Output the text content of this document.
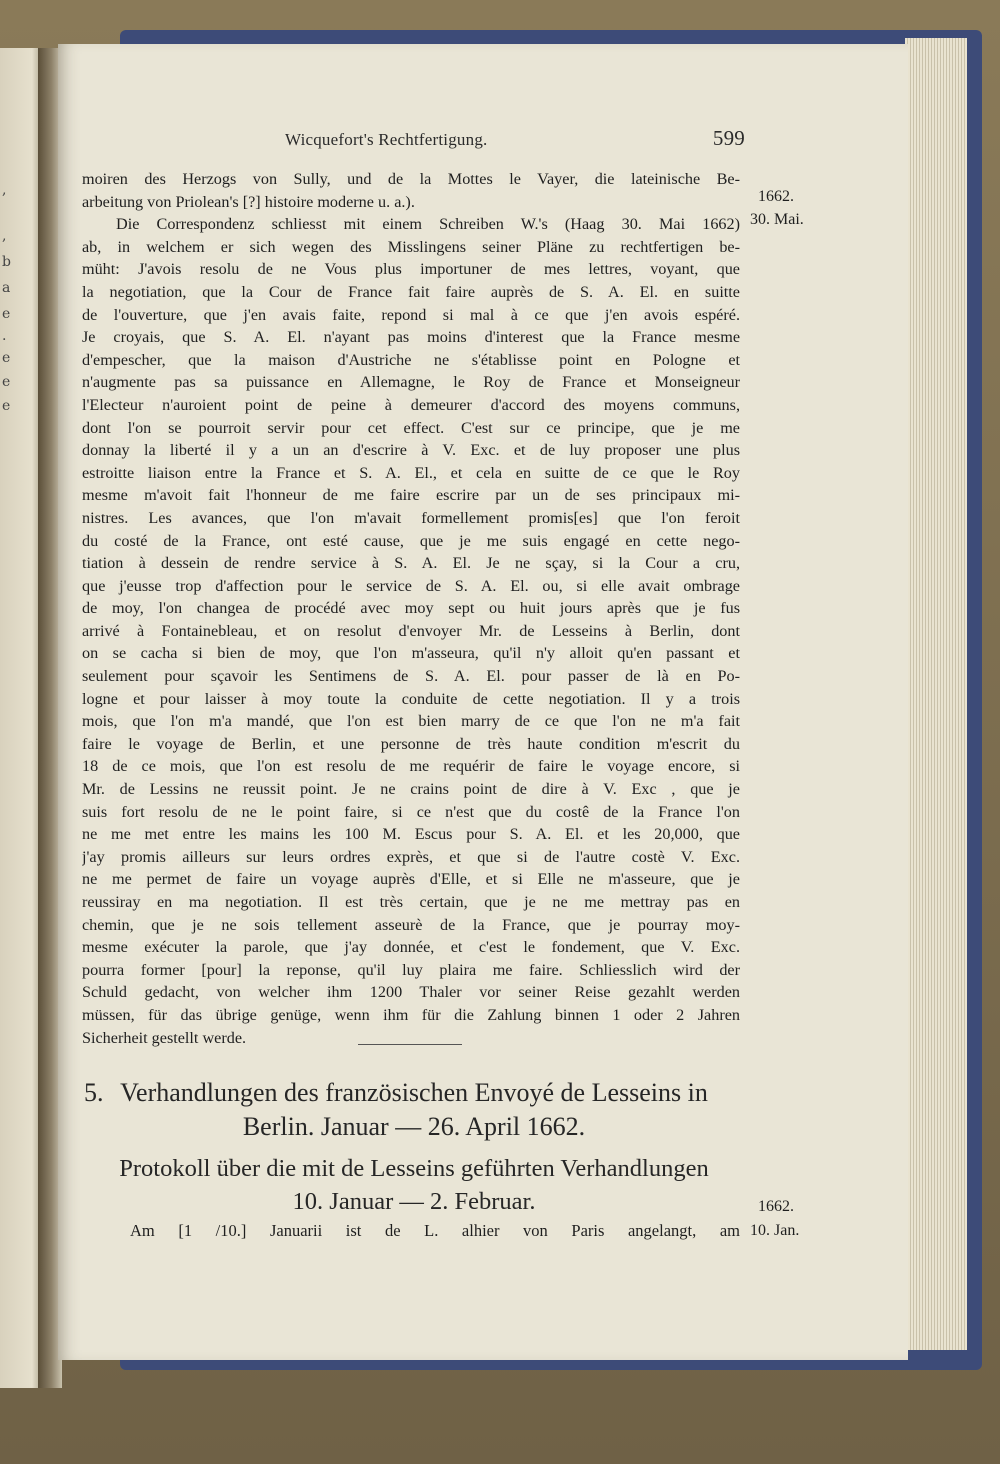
,
,
b
a
e
.
e
e
e
Wicquefort's Rechtfertigung.	599
moiren des Herzogs von Sully, und de la Mottes le Vayer, die lateinische Be-
arbeitung von Priolean's [?] histoire moderne u. a.).
Die Correspondenz schliesst mit einem Schreiben W.'s (Haag 30. Mai 1662)
ab, in welchem er sich wegen des Misslingens seiner Pläne zu rechtfertigen be-
müht: J'avois resolu de ne Vous plus importuner de mes lettres, voyant, que
la negotiation, que la Cour de France fait faire auprès de S. A. El. en suitte
de l'ouverture, que j'en avais faite, repond si mal à ce que j'en avois espéré.
Je croyais, que S. A. El. n'ayant pas moins d'interest que la France mesme
d'empescher, que la maison d'Austriche ne s'établisse point en Pologne et
n'augmente pas sa puissance en Allemagne, le Roy de France et Monseigneur
l'Electeur n'auroient point de peine à demeurer d'accord des moyens communs,
dont l'on se pourroit servir pour cet effect. C'est sur ce principe, que je me
donnay la liberté il y a un an d'escrire à V. Exc. et de luy proposer une plus
estroitte liaison entre la France et S. A. El., et cela en suitte de ce que le Roy
mesme m'avoit fait l'honneur de me faire escrire par un de ses principaux mi-
nistres. Les avances, que l'on m'avait formellement promis[es] que l'on feroit
du costé de la France, ont esté cause, que je me suis engagé en cette nego-
tiation à dessein de rendre service à S. A. El. Je ne sçay, si la Cour a cru,
que j'eusse trop d'affection pour le service de S. A. El. ou, si elle avait ombrage
de moy, l'on changea de procédé avec moy sept ou huit jours après que je fus
arrivé à Fontainebleau, et on resolut d'envoyer Mr. de Lesseins à Berlin, dont
on se cacha si bien de moy, que l'on m'asseura, qu'il n'y alloit qu'en passant et
seulement pour sçavoir les Sentimens de S. A. El. pour passer de là en Po-
logne et pour laisser à moy toute la conduite de cette negotiation. Il y a trois
mois, que l'on m'a mandé, que l'on est bien marry de ce que l'on ne m'a fait
faire le voyage de Berlin, et une personne de très haute condition m'escrit du
18 de ce mois, que l'on est resolu de me requérir de faire le voyage encore, si
Mr. de Lessins ne reussit point. Je ne crains point de dire à V. Exc , que je
suis fort resolu de ne le point faire, si ce n'est que du costê de la France l'on
ne me met entre les mains les 100 M. Escus pour S. A. El. et les 20,000, que
j'ay promis ailleurs sur leurs ordres exprès, et que si de l'autre costè V. Exc.
ne me permet de faire un voyage auprès d'Elle, et si Elle ne m'asseure, que je
reussiray en ma negotiation. Il est très certain, que je ne me mettray pas en
chemin, que je ne sois tellement asseurè de la France, que je pourray moy-
mesme exécuter la parole, que j'ay donnée, et c'est le fondement, que V. Exc.
pourra former [pour] la reponse, qu'il luy plaira me faire. Schliesslich wird der
Schuld gedacht, von welcher ihm 1200 Thaler vor seiner Reise gezahlt werden
müssen, für das übrige genüge, wenn ihm für die Zahlung binnen 1 oder 2 Jahren
Sicherheit gestellt werde.
1662.
30. Mai.
5. Verhandlungen des französischen Envoyé de Lesseins in
Berlin. Januar — 26. April 1662.
Protokoll über die mit de Lesseins geführten Verhandlungen
10. Januar — 2. Februar.	1662.
10. Jan.
Am [1 /10.] Januarii ist de L. alhier von Paris angelangt, am
